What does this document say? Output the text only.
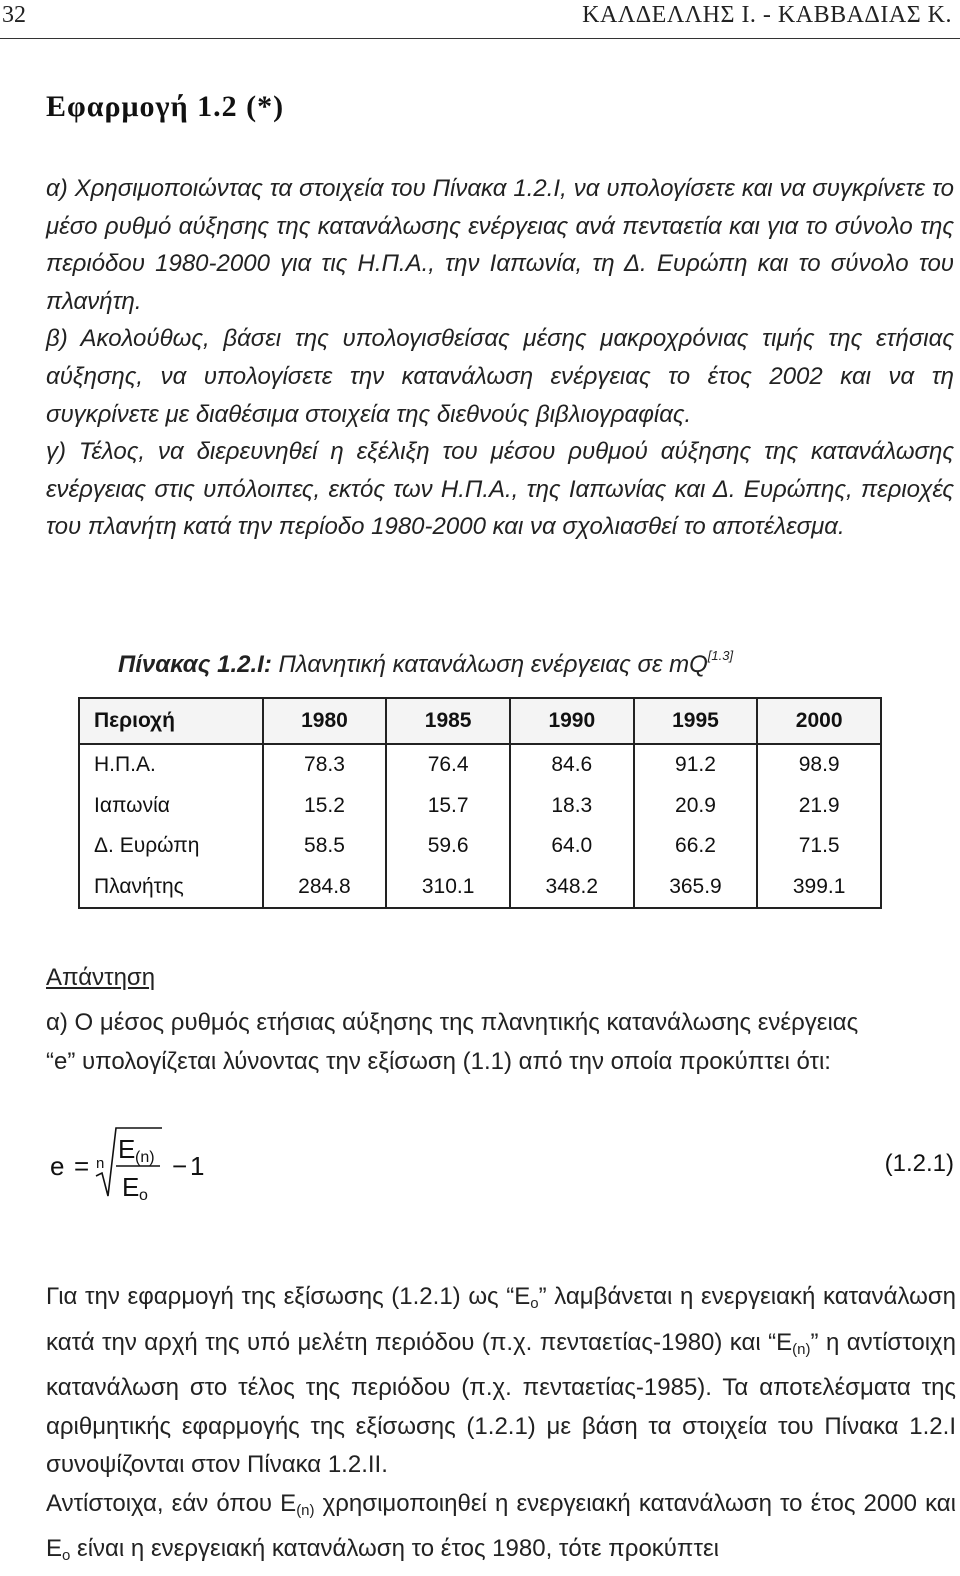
32	ΚΑΛΔΕΛΛΗΣ Ι. - ΚΑΒΒΑΔΙΑΣ Κ.
Εφαρμογή 1.2 (*)

α) Χρησιμοποιώντας τα στοιχεία του Πίνακα 1.2.Ι, να υπολογίσετε και να συγκρίνετε το μέσο ρυθμό αύξησης της κατανάλωσης ενέργειας ανά πενταετία και για το σύνολο της περιόδου 1980-2000 για τις Η.Π.Α., την Ιαπωνία, τη Δ. Ευρώπη και το σύνολο του πλανήτη.

β) Ακολούθως, βάσει της υπολογισθείσας μέσης μακροχρόνιας τιμής της ετήσιας αύξησης, να υπολογίσετε την κατανάλωση ενέργειας το έτος 2002 και να τη συγκρίνετε με διαθέσιμα στοιχεία της διεθνούς βιβλιογραφίας.

γ) Τέλος, να διερευνηθεί η εξέλιξη του μέσου ρυθμού αύξησης της κατανάλωσης ενέργειας στις υπόλοιπες, εκτός των Η.Π.Α., της Ιαπωνίας και Δ. Ευρώπης, περιοχές του πλανήτη κατά την περίοδο 1980-2000 και να σχολιασθεί το αποτέλεσμα.

Πίνακας 1.2.Ι: Πλανητική κατανάλωση ενέργειας σε mQ[1.3]
Περιοχή	1980	1985	1990	1995	2000
Η.Π.Α.	78.3	76.4	84.6	91.2	98.9
Ιαπωνία	15.2	15.7	18.3	20.9	21.9
Δ. Ευρώπη	58.5	59.6	64.0	66.2	71.5
Πλανήτης	284.8	310.1	348.2	365.9	399.1
Απάντηση

α) Ο μέσος ρυθμός ετήσιας αύξησης της πλανητικής κατανάλωσης ενέργειας

“e” υπολογίζεται λύνοντας την εξίσωση (1.1) από την οποία προκύπτει ότι:

e = n E (n)
E o
− 1	(1.2.1)

Για την εφαρμογή της εξίσωσης (1.2.1) ως “$E_o$” λαμβάνεται η ενεργειακή κατανάλωση κατά την αρχή της υπό μελέτη περιόδου (π.χ. πενταετίας-1980) και “$E_{(n)}$” η αντίστοιχη κατανάλωση στο τέλος της περιόδου (π.χ. πενταετίας-1985). Τα αποτελέσματα της αριθμητικής εφαρμογής της εξίσωσης (1.2.1) με βάση τα στοιχεία του Πίνακα 1.2.Ι συνοψίζονται στον Πίνακα 1.2.ΙΙ.

Αντίστοιχα, εάν όπου $E_{(n)}$ χρησιμοποιηθεί η ενεργειακή κατανάλωση το έτος 2000 και $E_o$ είναι η ενεργειακή κατανάλωση το έτος 1980, τότε προκύπτει
